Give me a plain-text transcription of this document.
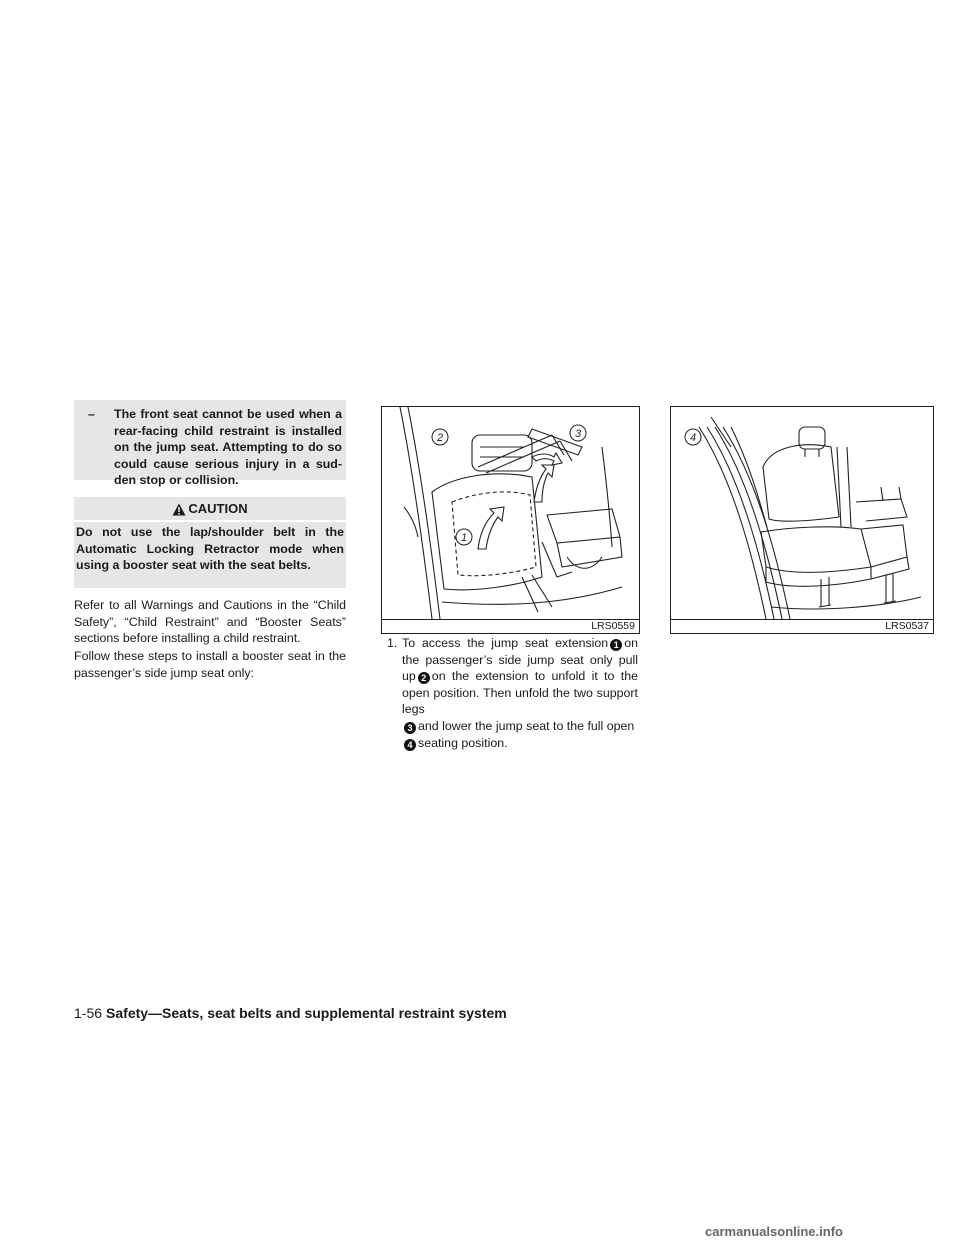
– The front seat cannot be used when a rear-facing child restraint is installed on the jump seat. Attempting to do so could cause serious injury in a sud-den stop or collision.
CAUTION
Do not use the lap/shoulder belt in the Automatic Locking Retractor mode when using a booster seat with the seat belts.
Refer to all Warnings and Cautions in the “Child Safety”, “Child Restraint” and “Booster Seats” sections before installing a child restraint.
Follow these steps to install a booster seat in the passenger’s side jump seat only:
2	3
1
LRS0559
4
LRS0537
1. To access the jump seat extension 1 on the passenger’s side jump seat only pull up 2 on the extension to unfold it to the open position. Then unfold the two support legs
3 and lower the jump seat to the full open
4 seating position.
1-56 Safety—Seats, seat belts and supplemental restraint system
carmanualsonline.info
